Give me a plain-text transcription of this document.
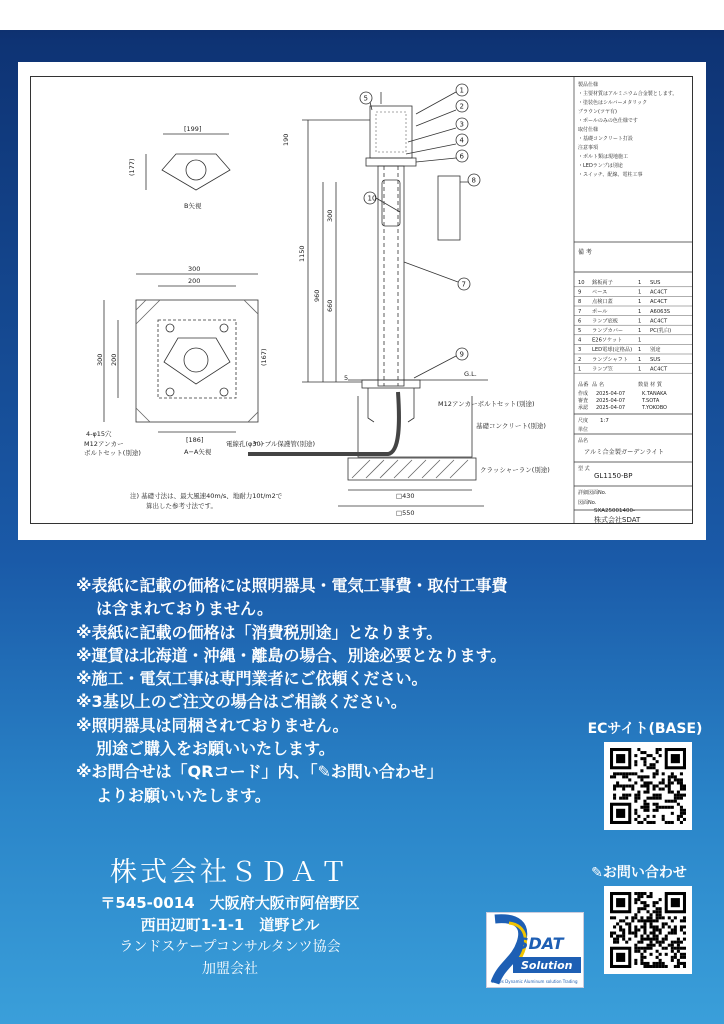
1
2
3
4
5
6
7
8
9
10
[199]
(177)
B矢視
300
200
300 200	(167)
[186]
190
1150
960
300
660
5	G.L.
□430
□550
4-φ15穴
M12アンカー
ボルトセット(別途)	A−A矢視
電線孔(φ30)
M12アンカーボルトセット(別途)
基礎コンクリート(別途)
ケーブル保護管(別途)
クラッシャーラン(別途)
注) 基礎寸法は、最大風速40m/s、地耐力10t/m2で
算出した参考寸法です。
製品仕様
・主要材質はアルミニウム合金製とします。
・塗装色はシルバーメタリック
ブラウン(ツヤ有)
・ポールのみの色仕様です
取付仕様
・基礎コンクリート打設
注意事項
・ボルト類は現地施工
・LEDランプは別途
・スイッチ、配線、電柱工事
備 考
10 銘板両子	1 SUS
9 ベース	1 AC4CT
8 点検口蓋	1 AC4CT
7 ポール	1 A6063S
6 ランプ底板	1 AC4CT
5 ランプカバー	1 PC(乳白)
4 E26ソケット	1
3 LED電球(定格品) 1 別途
2 ランプシャフト 1 SUS
1 ランプ笠	1 AC4CT
品番 品 名	数量 材 質
作成 2025-04-07	K.TANAKA
審査 2025-04-07	T.SOTA
承認 2025-04-07	T.YOKOBO
尺度 1:7
単位
品名
アルミ合金製ガーデンライト
型 式
GL1150-BP
詳細図面No.
図面No.
SXA25001400-
株式会社SDAT
※表紙に記載の価格には照明器具・電気工事費・取付工事費
は含まれておりません。
※表紙に記載の価格は「消費税別途」となります。
※運賃は北海道・沖縄・離島の場合、別途必要となります。
※施工・電気工事は専門業者にご依頼ください。
※3基以上のご注文の場合はご相談ください。
※照明器具は同梱されておりません。
別途ご購入をお願いいたします。
※お問合せは「QRコード」内、「✎お問い合わせ」
よりお願いいたします。
株式会社ＳＤＡＴ
〒545-0014　大阪府大阪市阿倍野区
西田辺町1-1-1　道野ビル
ランドスケープコンサルタンツ協会
加盟会社
ECサイト(BASE)
✎お問い合わせ
SDAT
Solution
Shows Dynamic Aluminum solution Trading
